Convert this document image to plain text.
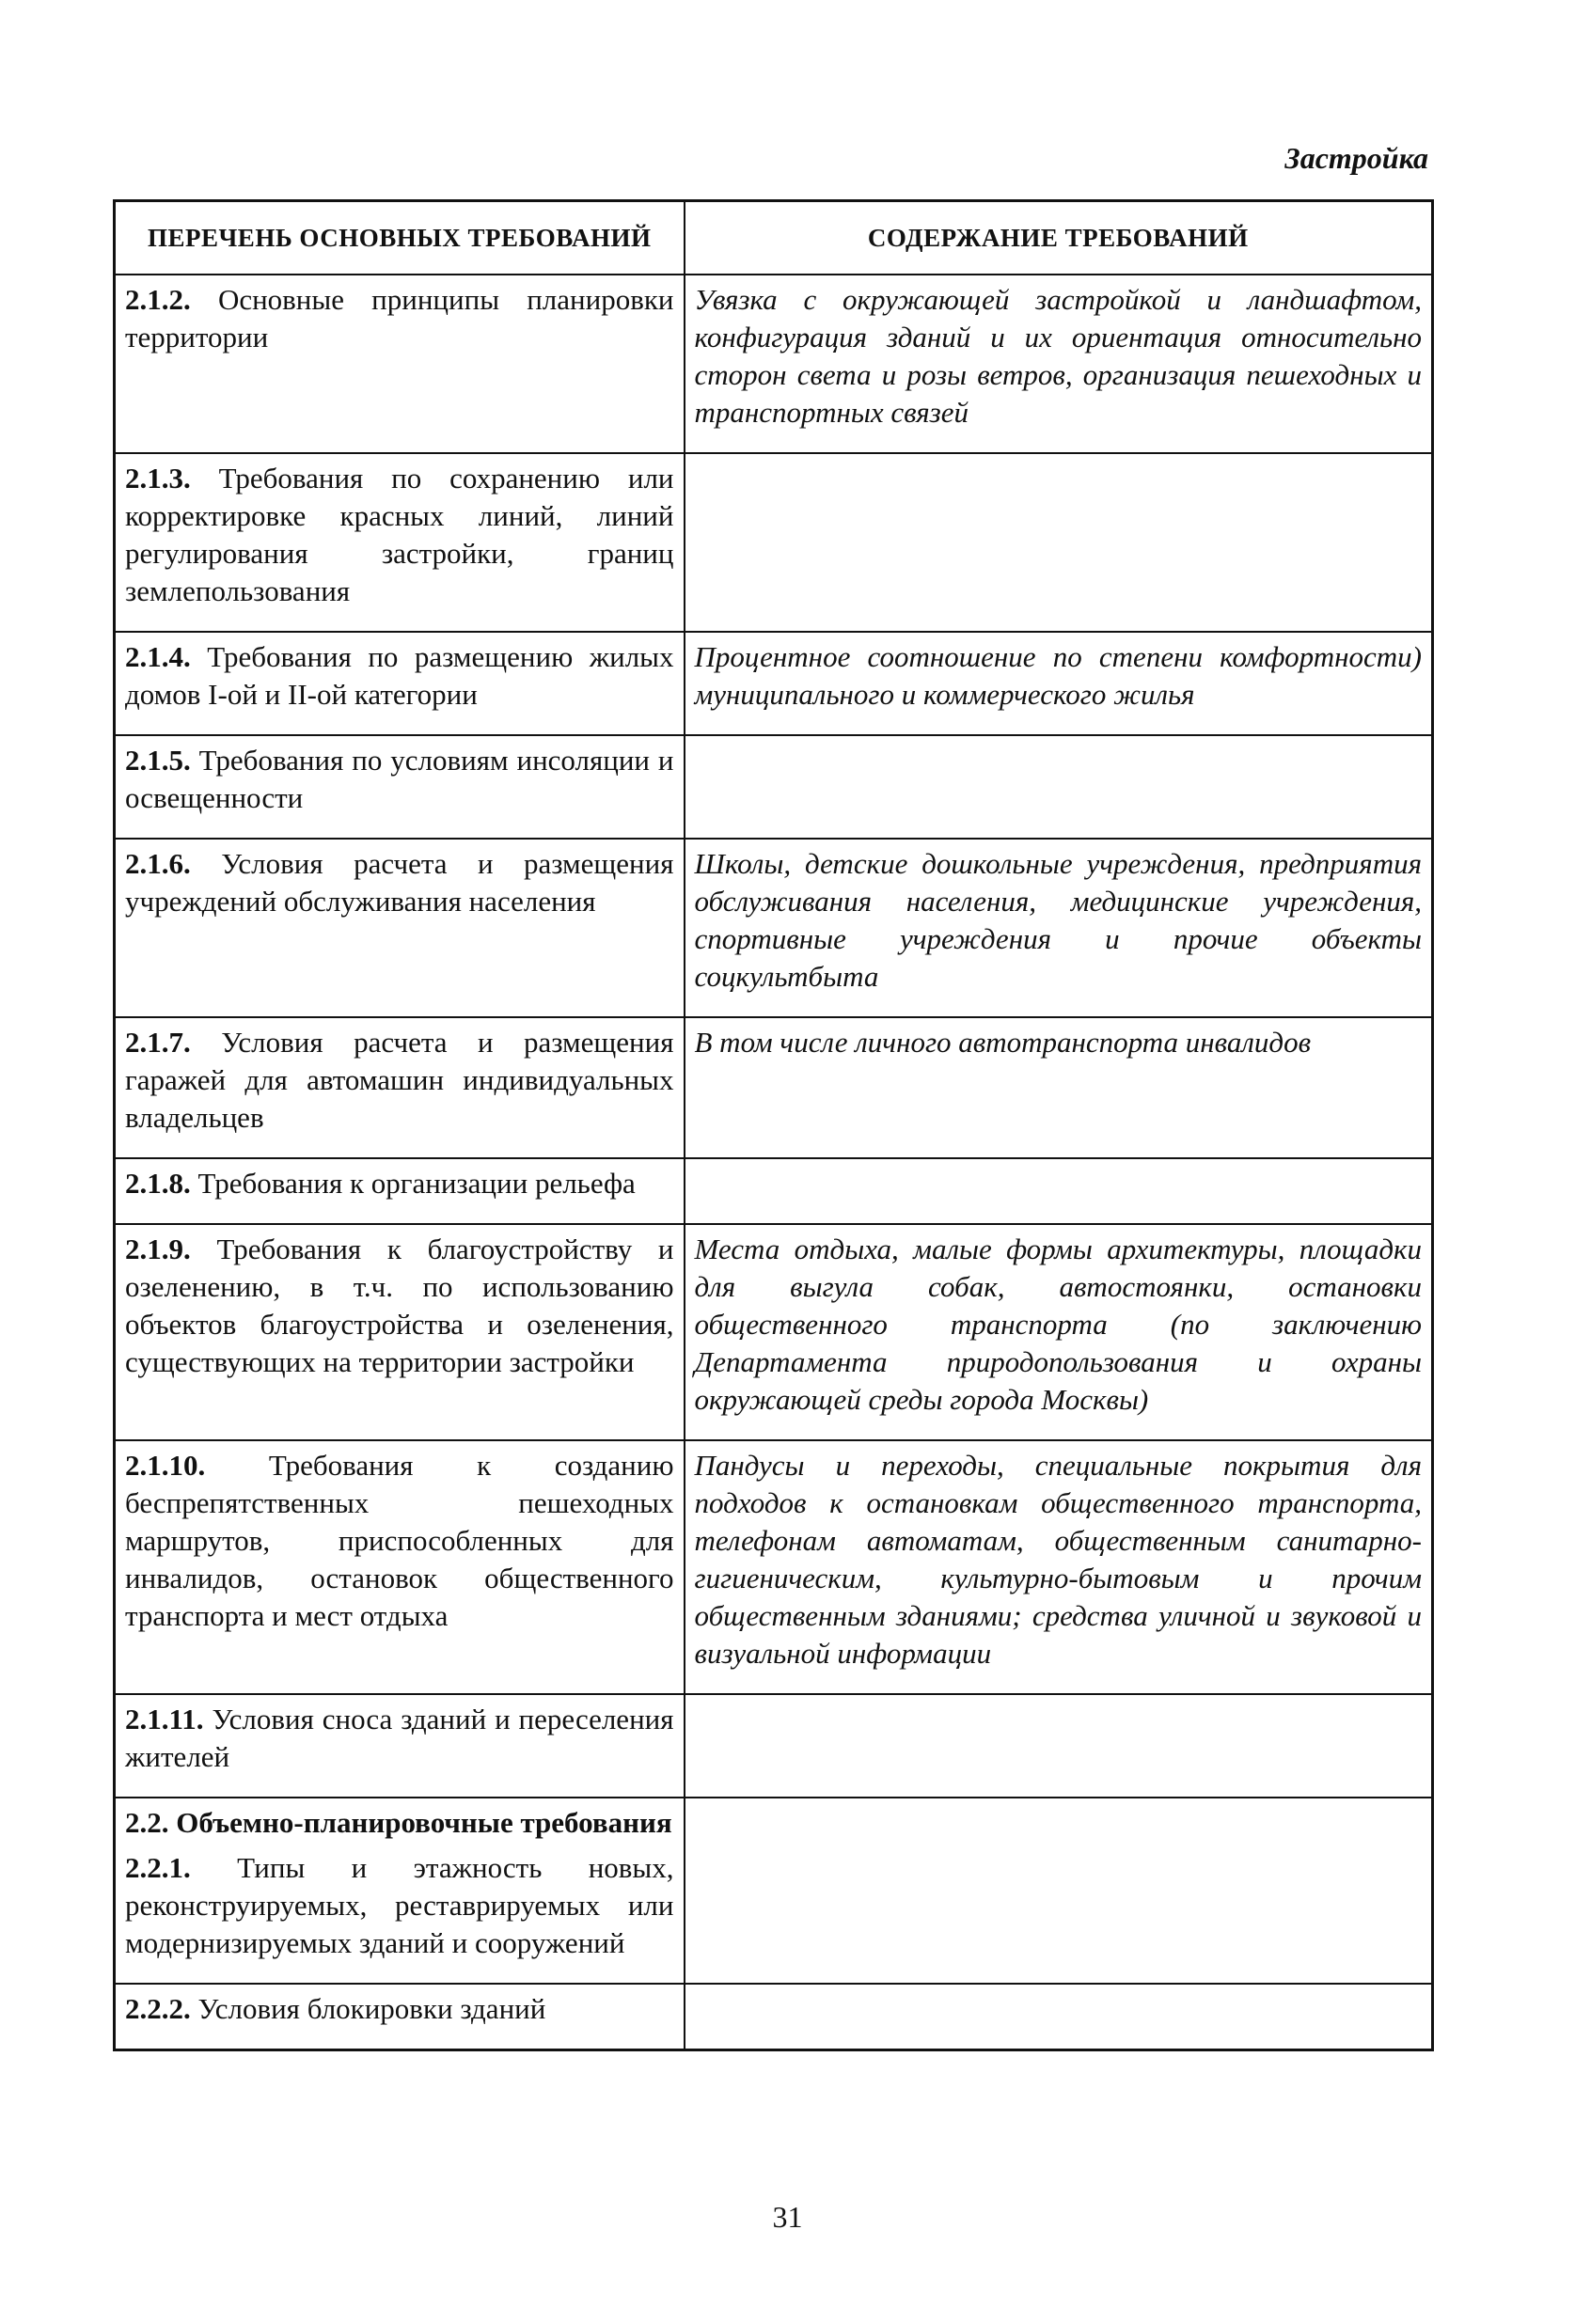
Застройка
ПЕРЕЧЕНЬ ОСНОВНЫХ ТРЕБОВАНИЙ	СОДЕРЖАНИЕ ТРЕБОВАНИЙ
2.1.2. Основные принципы планировки территории	Увязка с окружающей застройкой и ландшафтом, конфигурация зданий и их ориентация относительно сторон света и розы ветров, организация пешеходных и транспортных связей
2.1.3. Требования по сохранению или корректировке красных линий, линий регулирования застройки, границ землепользования	
2.1.4. Требования по размещению жилых домов I-ой и II-ой категории	Процентное соотношение по степени комфортности) муниципального и коммерческого жилья
2.1.5. Требования по условиям инсоляции и освещенности	
2.1.6. Условия расчета и размещения учреждений обслуживания населения	Школы, детские дошкольные учреждения, предприятия обслуживания населения, медицинские учреждения, спортивные учреждения и прочие объекты соцкультбыта
2.1.7. Условия расчета и размещения гаражей для автомашин индивидуальных владельцев	В том числе личного автотранспорта инвалидов
2.1.8. Требования к организации рельефа	
2.1.9. Требования к благоустройству и озеленению, в т.ч. по использованию объектов благоустройства и озеленения, существующих на территории застройки	Места отдыха, малые формы архитектуры, площадки для выгула собак, автостоянки, остановки общественного транспорта (по заключению Департамента природопользования и охраны окружающей среды города Москвы)
2.1.10. Требования к созданию беспрепятственных пешеходных маршрутов, приспособленных для инвалидов, остановок общественного транспорта и мест отдыха	Пандусы и переходы, специальные покрытия для подходов к остановкам общественного транспорта, телефонам автоматам, общественным санитарно-гигиеническим, культурно-бытовым и прочим общественным зданиями; средства уличной и звуковой и визуальной информации
2.1.11. Условия сноса зданий и переселения жителей	

2.2. Объемно-планировочные требования
2.2.1. Типы и этажность новых, реконструируемых, реставрируемых или модернизируемых зданий и сооружений	
2.2.2. Условия блокировки зданий	
31
